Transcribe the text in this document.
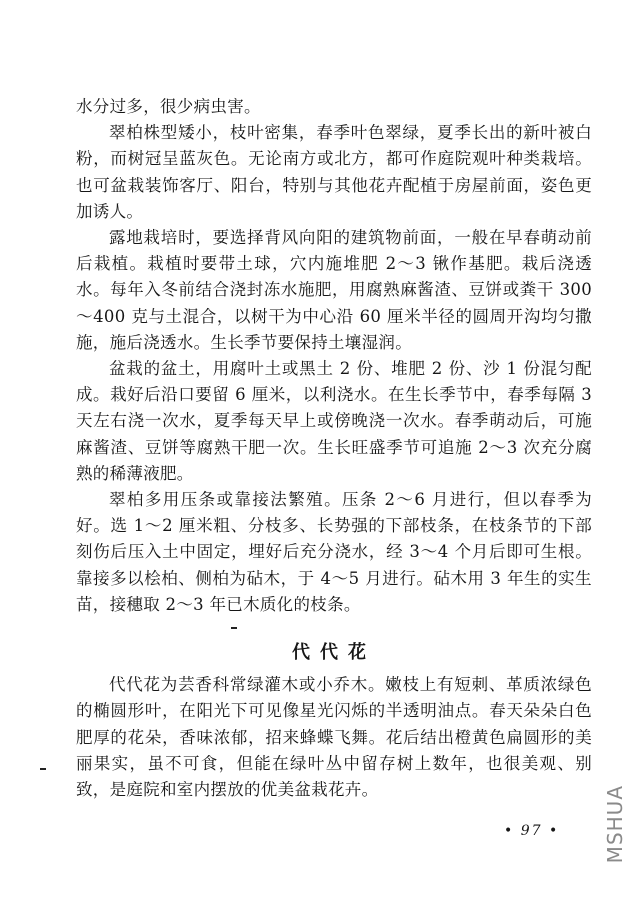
水分过多，很少病虫害。

翠柏株型矮小，枝叶密集，春季叶色翠绿，夏季长出的新叶被白粉，而树冠呈蓝灰色。无论南方或北方，都可作庭院观叶种类栽培。也可盆栽装饰客厅、阳台，特别与其他花卉配植于房屋前面，姿色更加诱人。

露地栽培时，要选择背风向阳的建筑物前面，一般在早春萌动前后栽植。栽植时要带土球，穴内施堆肥 2～3 锹作基肥。栽后浇透水。每年入冬前结合浇封冻水施肥，用腐熟麻酱渣、豆饼或粪干 300～400 克与土混合，以树干为中心沿 60 厘米半径的圆周开沟均匀撒施，施后浇透水。生长季节要保持土壤湿润。

盆栽的盆土，用腐叶土或黑土 2 份、堆肥 2 份、沙 1 份混匀配成。栽好后沿口要留 6 厘米，以利浇水。在生长季节中，春季每隔 3 天左右浇一次水，夏季每天早上或傍晚浇一次水。春季萌动后，可施麻酱渣、豆饼等腐熟干肥一次。生长旺盛季节可追施 2～3 次充分腐熟的稀薄液肥。

翠柏多用压条或靠接法繁殖。压条 2～6 月进行，但以春季为好。选 1～2 厘米粗、分枝多、长势强的下部枝条，在枝条节的下部刻伤后压入土中固定，埋好后充分浇水，经 3～4 个月后即可生根。靠接多以桧柏、侧柏为砧木，于 4～5 月进行。砧木用 3 年生的实生苗，接穗取 2～3 年已木质化的枝条。

代代花

代代花为芸香科常绿灌木或小乔木。嫩枝上有短刺、革质浓绿色的椭圆形叶，在阳光下可见像星光闪烁的半透明油点。春天朵朵白色肥厚的花朵，香味浓郁，招来蜂蝶飞舞。花后结出橙黄色扁圆形的美丽果实，虽不可食，但能在绿叶丛中留存树上数年，也很美观、别致，是庭院和室内摆放的优美盆栽花卉。

• 97 • MSHUA
